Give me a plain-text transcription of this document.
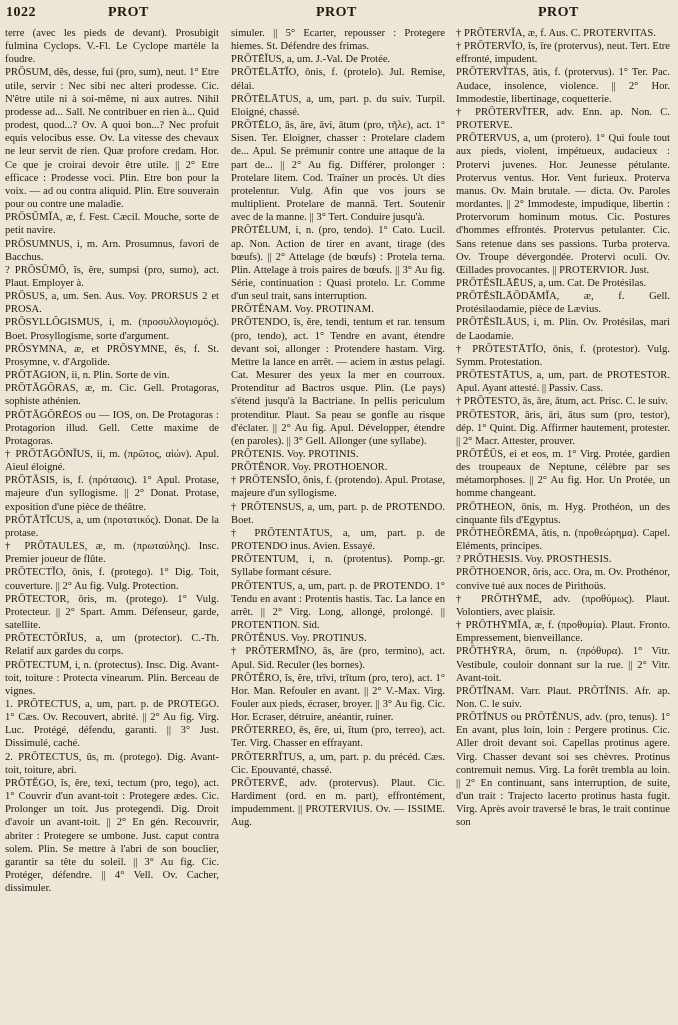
1022	PROT	PROT	PROT

terre (avec les pieds de devant). Prosubigit fulmina Cyclops. V.-Fl. Le Cyclope martèle la foudre.

PRŌSUM, dĕs, desse, fui (pro, sum), neut. 1° Etre utile, servir : Nec sibi nec alteri prodesse. Cic. N'être utile ni à soi-même, ni aux autres. Nihil prodesse ad... Sall. Ne contribuer en rien à... Quid prodest, quod...? Ov. A quoi bon...? Nec profuit equis velocibus esse. Ov. La vitesse des chevaux ne leur servit de rien. Quæ profore credam. Hor. Ce que je croirai devoir être utile. || 2° Etre efficace : Prodesse voci. Plin. Etre bon pour la voix. — ad ou contra aliquid. Plin. Etre souverain pour ou contre une maladie.

PRŌSŪMĬA, æ, f. Fest. Cæcil. Mouche, sorte de petit navire.

PRŌSUMNUS, i, m. Arn. Prosumnus, favori de Bacchus.

? PRŌSŪMŌ, ĭs, ĕre, sumpsi (pro, sumo), act. Plaut. Employer à.

PRŌSUS, a, um. Sen. Aus. Voy. PRORSUS 2 et PROSA.

PRŌSYLLŎGISMUS, i, m. (προσυλλογισμός). Boet. Prosyllogisme, sorte d'argument.

PRŌSYMNA, æ, et PRŌSYMNE, ēs, f. St. Prosymne, v. d'Argolide.

PRŌTĀGION, ii, n. Plin. Sorte de vin.

PRŌTĂGŎRAS, æ, m. Cic. Gell. Protagoras, sophiste athénien.

PRŌTĂGŎRĒOS ou — IOS, on. De Protagoras : Protagorion illud. Gell. Cette maxime de Protagoras.

† PRŌTĀGŎNĬUS, ii, m. (πρῶτος, αἰών). Apul. Aieul éloigné.

PRŌTĂSIS, is, f. (πρότασις). 1° Apul. Protase, majeure d'un syllogisme. || 2° Donat. Protase, exposition d'une pièce de théâtre.

PRŌTĂTĬCUS, a, um (προτατικός). Donat. De la protase.

† PRŌTAULES, æ, m. (πρωταύλης). Insc. Premier joueur de flûte.

PRŌTECTĬO, ōnis, f. (protego). 1° Dig. Toit, couverture. || 2° Au fig. Vulg. Protection.

PRŌTECTOR, ōris, m. (protego). 1° Vulg. Protecteur. || 2° Spart. Amm. Défenseur, garde, satellite.

PRŌTECTŌRĬUS, a, um (protector). C.-Th. Relatif aux gardes du corps.

PRŌTECTUM, i, n. (protectus). Insc. Dig. Avant-toit, toiture : Protecta vinearum. Plin. Berceau de vignes.

1. PRŌTECTUS, a, um, part. p. de PROTEGO. 1° Cæs. Ov. Recouvert, abrité. || 2° Au fig. Virg. Luc. Protégé, défendu, garanti. || 3° Just. Dissimulé, caché.

2. PRŌTECTUS, ūs, m. (protego). Dig. Avant-toit, toiture, abri.

PRŌTĔGO, ĭs, ĕre, texi, tectum (pro, tego), act. 1° Couvrir d'un avant-toit : Protegere ædes. Cic. Prolonger un toit. Jus protegendi. Dig. Droit d'avoir un avant-toit. || 2° En gén. Recouvrir, abriter : Protegere se umbone. Just. caput contra solem. Plin. Se mettre à l'abri de son bouclier, garantir sa tête du soleil. || 3° Au fig. Cic. Protéger, défendre. || 4° Vell. Ov. Cacher, dissimuler.

simuler. || 5° Ecarter, repousser : Protegere hiemes. St. Défendre des frimas.

PRŌTĒĬUS, a, um. J.-Val. De Protée.

PRŌTĒLĀTĬO, ōnis, f. (protelo). Jul. Remise, délai.

PRŌTĒLĀTUS, a, um, part. p. du suiv. Turpil. Eloigné, chassé.

PRŌTĒLO, ās, āre, āvi, ātum (pro, τῆλε), act. 1° Sisen. Ter. Eloigner, chasser : Protelare cladem de... Apul. Se prémunir contre une attaque de la part de... || 2° Au fig. Différer, prolonger : Protelare litem. Cod. Traîner un procès. Ut dies protelentur. Vulg. Afin que vos jours se multiplient. Protelare de mannā. Tert. Soutenir avec de la manne. || 3° Tert. Conduire jusqu'à.

PRŌTĒLUM, i, n. (pro, tendo). 1° Cato. Lucil. ap. Non. Action de tirer en avant, tirage (des bœufs). || 2° Attelage (de bœufs) : Protela terna. Plin. Attelage à trois paires de bœufs. || 3° Au fig. Série, continuation : Quasi protelo. Lr. Comme d'un seul trait, sans interruption.

PRŌTĔNAM. Voy. PROTINAM.

PRŌTENDO, ĭs, ĕre, tendi, tentum et rar. tensum (pro, tendo), act. 1° Tendre en avant, étendre devant soi, allonger : Protendere hastam. Virg. Mettre la lance en arrêt. — aciem in æstus pelagi. Cat. Mesurer des yeux la mer en courroux. Protenditur ad Bactros usque. Plin. (Le pays) s'étend jusqu'à la Bactriane. In pellis periculum protenditur. Plaut. Sa peau se gonfle au risque d'éclater. || 2° Au fig. Apul. Développer, étendre (en paroles). || 3° Gell. Allonger (une syllabe).

PRŌTENIS. Voy. PROTINIS.

PRŌTĔNOR. Voy. PROTHOENOR.

† PRŌTENSĬO, ōnis, f. (protendo). Apul. Protase, majeure d'un syllogisme.

† PRŌTENSUS, a, um, part. p. de PROTENDO. Boet.

† PRŌTENTĀTUS, a, um, part. p. de PROTENDO inus. Avien. Essayé.

PRŌTENTUM, i, n. (protentus). Pomp.-gr. Syllabe formant césure.

PRŌTENTUS, a, um, part. p. de PROTENDO. 1° Tendu en avant : Protentis hastis. Tac. La lance en arrêt. || 2° Virg. Long, allongé, prolongé. || PROTENTION. Sid.

PRŌTĔNUS. Voy. PROTINUS.

† PRŌTERMĬNO, ās, āre (pro, termino), act. Apul. Sid. Reculer (les bornes).

PRŌTĔRO, ĭs, ĕre, trīvi, trītum (pro, tero), act. 1° Hor. Man. Refouler en avant. || 2° V.-Max. Virg. Fouler aux pieds, écraser, broyer. || 3° Au fig. Cic. Hor. Ecraser, détruire, anéantir, ruiner.

PRŌTERREO, ēs, ēre, ui, ĭtum (pro, terreo), act. Ter. Virg. Chasser en effrayant.

PRŌTERRĬTUS, a, um, part. p. du précéd. Cæs. Cic. Epouvanté, chassé.

PRŌTERVĒ, adv. (protervus). Plaut. Cic. Hardiment (ord. en m. part), effrontément, impudemment. || PROTERVIUS. Ov. — ISSIME. Aug.

† PRŌTERVĬA, æ, f. Aus. C. PROTERVITAS.

† PRŌTERVĬO, ĭs, īre (protervus), neut. Tert. Etre effronté, impudent.

PRŌTERVĬTAS, ātis, f. (protervus). 1° Ter. Pac. Audace, insolence, violence. || 2° Hor. Immodestie, libertinage, coquetterie.

† PRŌTERVĬTER, adv. Enn. ap. Non. C. PROTERVE.

PRŌTERVUS, a, um (protero). 1° Qui foule tout aux pieds, violent, impétueux, audacieux : Protervi juvenes. Hor. Jeunesse pétulante. Protervus ventus. Hor. Vent furieux. Proterva manus. Ov. Main brutale. — dicta. Ov. Paroles mordantes. || 2° Immodeste, impudique, libertin : Protervorum hominum motus. Cic. Postures d'hommes effrontés. Protervus petulanter. Cic. Sans retenue dans ses passions. Turba proterva. Ov. Troupe dévergondée. Protervi oculi. Ov. Œillades provocantes. || PROTERVIOR. Just.

PRŌTĔSĪLĀĒUS, a, um. Cat. De Protésilas.

PRŌTĔSĪLĀŌDĀMĬA, æ, f. Gell. Protésilaodamie, pièce de Lævius.

PRŌTĔSĪLĀUS, i, m. Plin. Ov. Protésilas, mari de Laodamie.

† PRŌTESTĀTĬO, ōnis, f. (protestor). Vulg. Symm. Protestation.

PRŌTESTĀTUS, a, um, part. de PROTESTOR. Apul. Ayant attesté. || Passiv. Cass.

† PRŌTESTO, ās, āre, ātum, act. Prisc. C. le suiv.

PRŌTESTOR, āris, āri, ātus sum (pro, testor), dép. 1° Quint. Dig. Affirmer hautement, protester. || 2° Macr. Attester, prouver.

PRŌTĔŪS, ei et eos, m. 1° Virg. Protée, gardien des troupeaux de Neptune, célèbre par ses métamorphoses. || 2° Au fig. Hor. Un Protée, un homme changeant.

PRŌTHEON, ōnis, m. Hyg. Prothéon, un des cinquante fils d'Egyptus.

PRŌTHEŌRĒMA, ătis, n. (προθεώρημα). Capel. Eléments, principes.

? PRŌTHESIS. Voy. PROSTHESIS.

PRŌTHOENOR, ŏris, acc. Ora, m. Ov. Prothénor, convive tué aux noces de Pirithoüs.

† PRŌTHȲMĒ, adv. (προθύμως). Plaut. Volontiers, avec plaisir.

† PRŌTHȲMĬA, æ, f. (προθυμία). Plaut. Fronto. Empressement, bienveillance.

PRŌTHȲRA, ōrum, n. (πρόθυρα). 1° Vitr. Vestibule, couloir donnant sur la rue. || 2° Vitr. Avant-toit.

PRŌTĬNAM. Varr. Plaut. PRŌTĬNIS. Afr. ap. Non. C. le suiv.

PRŌTĬNUS ou PRŌTĔNUS, adv. (pro, tenus). 1° En avant, plus loin, loin : Pergere protinus. Cic. Aller droit devant soi. Capellas protinus agere. Virg. Chasser devant soi ses chèvres. Protinus contremuit nemus. Virg. La forêt trembla au loin. || 2° En continuant, sans interruption, de suite, d'un trait : Trajecto lacerto protinus hasta fugit. Virg. Après avoir traversé le bras, le trait continue son
